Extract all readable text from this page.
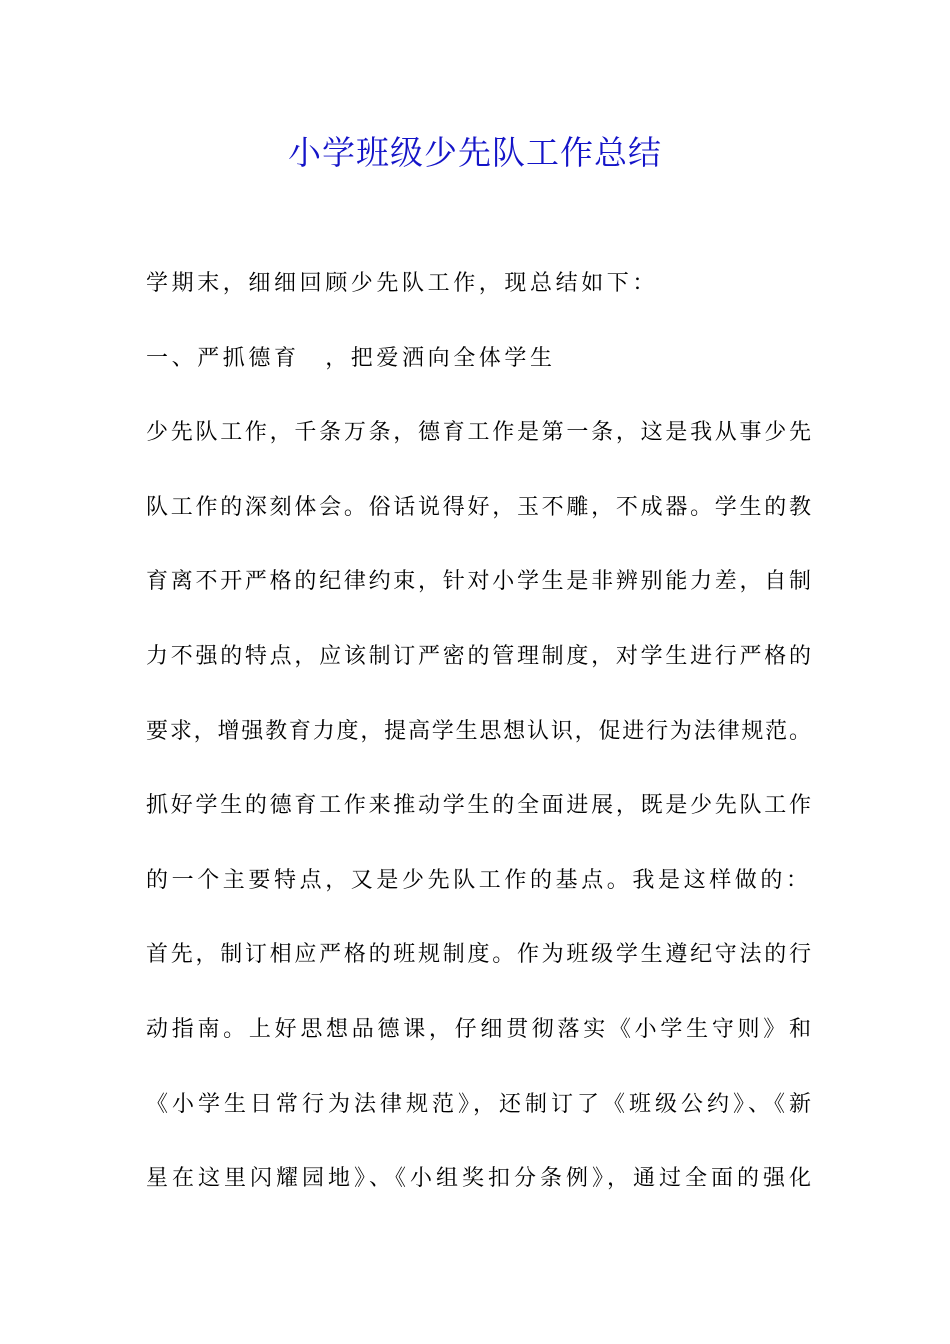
小学班级少先队工作总结
学期末，细细回顾少先队工作，现总结如下：
一、严抓德育　，把爱洒向全体学生
少先队工作，千条万条，德育工作是第一条，这是我从事少先
队工作的深刻体会。俗话说得好，玉不雕，不成器。学生的教
育离不开严格的纪律约束，针对小学生是非辨别能力差，自制
力不强的特点，应该制订严密的管理制度，对学生进行严格的
要求，增强教育力度，提高学生思想认识，促进行为法律规范。
抓好学生的德育工作来推动学生的全面进展，既是少先队工作
的一个主要特点，又是少先队工作的基点。我是这样做的：
首先，制订相应严格的班规制度。作为班级学生遵纪守法的行
动指南。上好思想品德课，仔细贯彻落实《小学生守则》和
《小学生日常行为法律规范》，还制订了《班级公约》、《新
星在这里闪耀园地》、《小组奖扣分条例》，通过全面的强化
